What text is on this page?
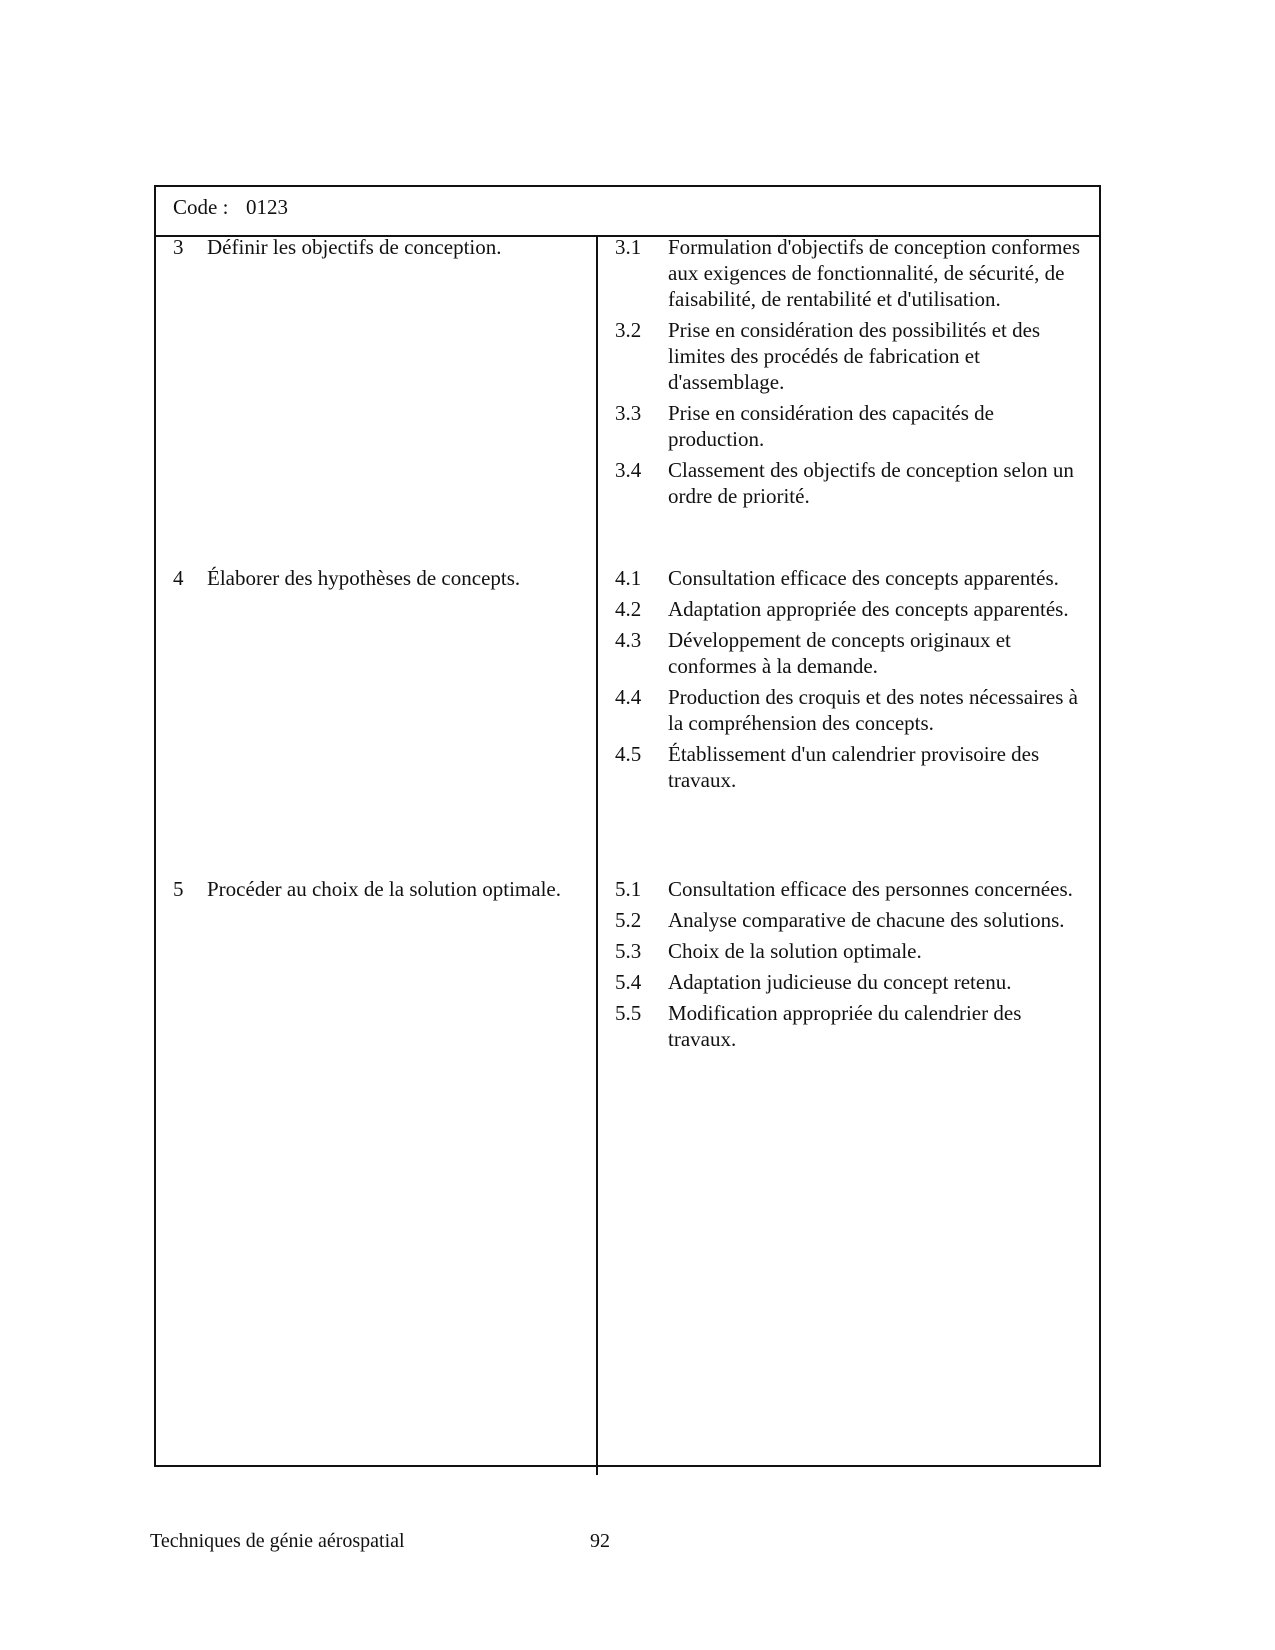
Code : 0123
3 Définir les objectifs de conception.	3.1 Formulation d'objectifs de conception conformes aux exigences de fonctionnalité, de sécurité, de faisabilité, de rentabilité et d'utilisation.
3.2 Prise en considération des possibilités et des limites des procédés de fabrication et d'assemblage.
3.3 Prise en considération des capacités de production.
3.4 Classement des objectifs de conception selon un ordre de priorité.
4 Élaborer des hypothèses de concepts.	4.1 Consultation efficace des concepts apparentés.
4.2 Adaptation appropriée des concepts apparentés.
4.3 Développement de concepts originaux et conformes à la demande.
4.4 Production des croquis et des notes nécessaires à la compréhension des concepts.
4.5 Établissement d'un calendrier provisoire des travaux.
5 Procéder au choix de la solution optimale.	5.1 Consultation efficace des personnes concernées.
5.2 Analyse comparative de chacune des solutions.
5.3 Choix de la solution optimale.
5.4 Adaptation judicieuse du concept retenu.
5.5 Modification appropriée du calendrier des travaux.
Techniques de génie aérospatial	92
